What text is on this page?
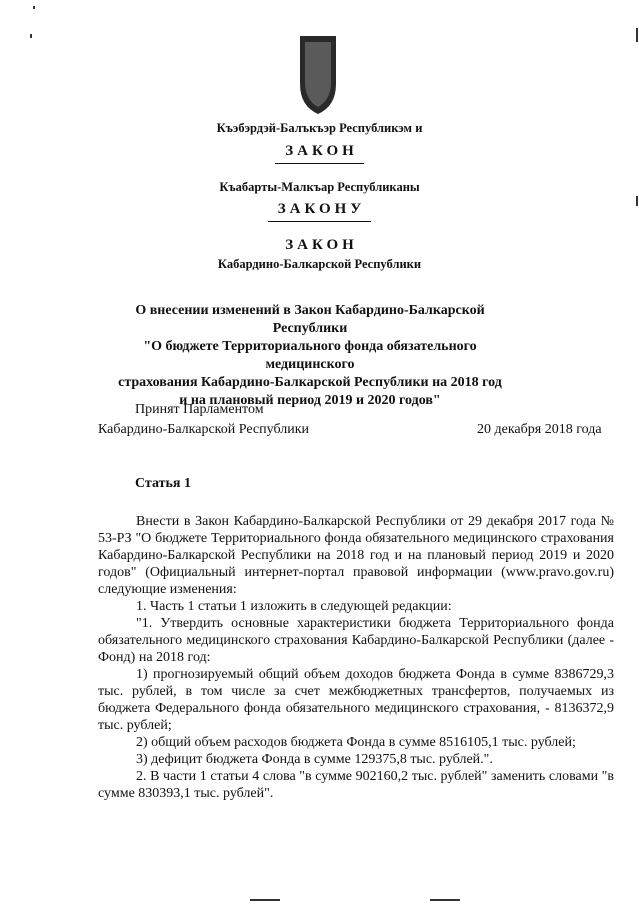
Къэбэрдэй-Балъкъэр Республикэм и
ЗАКОН
Къабарты-Малкъар Республиканы
ЗАКОНУ
ЗАКОН
Кабардино-Балкарской Республики
О внесении изменений в Закон Кабардино-Балкарской Республики
"О бюджете Территориального фонда обязательного медицинского
страхования Кабардино-Балкарской Республики на 2018 год
и на плановый период 2019 и 2020 годов"
Принят Парламентом
Кабардино-Балкарской Республики	20 декабря 2018 года
Статья 1

Внести в Закон Кабардино-Балкарской Республики от 29 декабря 2017 года № 53-РЗ "О бюджете Территориального фонда обязательного медицинского страхования Кабардино-Балкарской Республики на 2018 год и на плановый период 2019 и 2020 годов" (Официальный интернет-портал правовой информации (www.pravo.gov.ru) следующие изменения:

1. Часть 1 статьи 1 изложить в следующей редакции:

"1. Утвердить основные характеристики бюджета Территориального фонда обязательного медицинского страхования Кабардино-Балкарской Республики (далее - Фонд) на 2018 год:

1) прогнозируемый общий объем доходов бюджета Фонда в сумме 8386729,3 тыс. рублей, в том числе за счет межбюджетных трансфертов, получаемых из бюджета Федерального фонда обязательного медицинского страхования, - 8136372,9 тыс. рублей;

2) общий объем расходов бюджета Фонда в сумме 8516105,1 тыс. рублей;

3) дефицит бюджета Фонда в сумме 129375,8 тыс. рублей.".

2. В части 1 статьи 4 слова "в сумме 902160,2 тыс. рублей" заменить словами "в сумме 830393,1 тыс. рублей".
